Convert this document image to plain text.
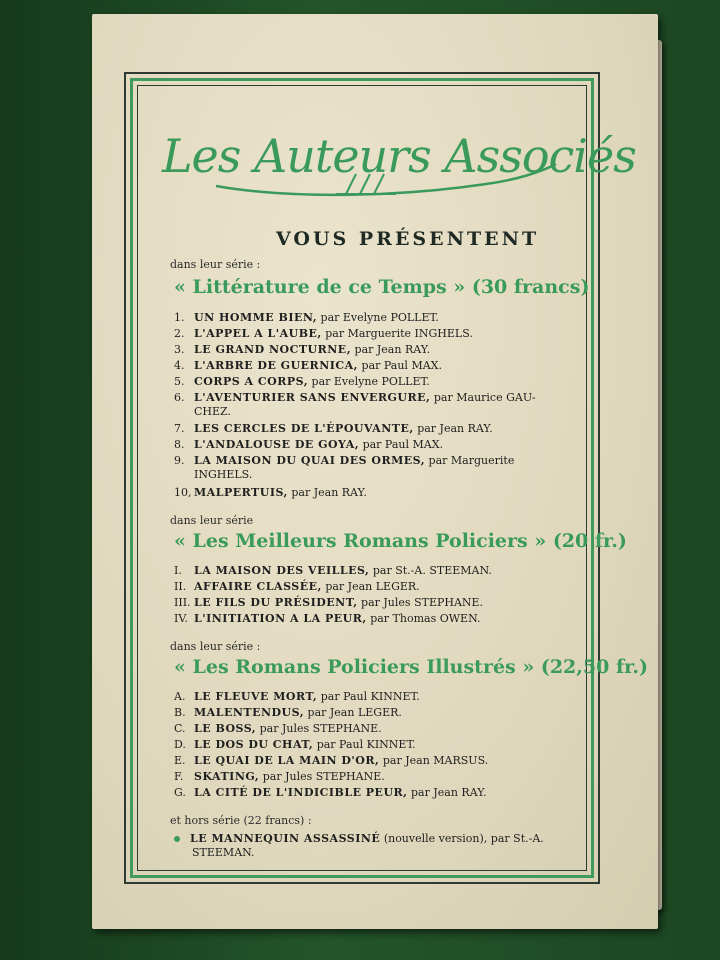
Les Auteurs Associés
VOUS PRÉSENTENT
dans leur série :
« Littérature de ce Temps » (30 francs)
1. UN HOMME BIEN, par Evelyne POLLET.
2. L'APPEL A L'AUBE, par Marguerite INGHELS.
3. LE GRAND NOCTURNE, par Jean RAY.
4. L'ARBRE DE GUERNICA, par Paul MAX.
5. CORPS A CORPS, par Evelyne POLLET.
6. L'AVENTURIER SANS ENVERGURE, par Maurice GAU-
CHEZ.
7. LES CERCLES DE L'ÉPOUVANTE, par Jean RAY.
8. L'ANDALOUSE DE GOYA, par Paul MAX.
9. LA MAISON DU QUAI DES ORMES, par Marguerite
INGHELS.
10, MALPERTUIS, par Jean RAY.
dans leur série
« Les Meilleurs Romans Policiers » (20 fr.)
I. LA MAISON DES VEILLES, par St.-A. STEEMAN.
II. AFFAIRE CLASSÉE, par Jean LEGER.
III. LE FILS DU PRÉSIDENT, par Jules STEPHANE.
IV. L'INITIATION A LA PEUR, par Thomas OWEN.
dans leur série :
« Les Romans Policiers Illustrés » (22,50 fr.)
A. LE FLEUVE MORT, par Paul KINNET.
B. MALENTENDUS, par Jean LEGER.
C. LE BOSS, par Jules STEPHANE.
D. LE DOS DU CHAT, par Paul KINNET.
E. LE QUAI DE LA MAIN D'OR, par Jean MARSUS.
F. SKATING, par Jules STEPHANE.
G. LA CITÉ DE L'INDICIBLE PEUR, par Jean RAY.
et hors série (22 francs) :
LE MANNEQUIN ASSASSINÉ (nouvelle version), par St.-A.
STEEMAN.
